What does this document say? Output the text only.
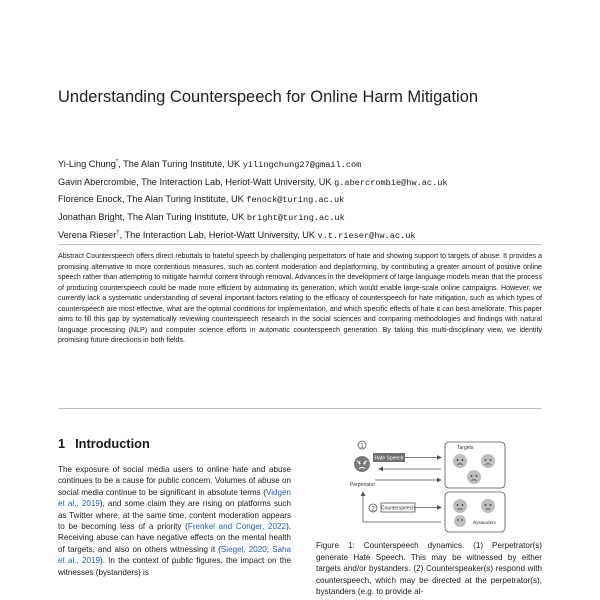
Understanding Counterspeech for Online Harm Mitigation
Yi-Ling Chung*, The Alan Turing Institute, UK yilingchung27@gmail.com
Gavin Abercrombie, The Interaction Lab, Heriot-Watt University, UK g.abercrombie@hw.ac.uk
Florence Enock, The Alan Turing Institute, UK fenock@turing.ac.uk
Jonathan Bright, The Alan Turing Institute, UK bright@turing.ac.uk
Verena Rieser†, The Interaction Lab, Heriot-Watt University, UK v.t.rieser@hw.ac.uk

Abstract Counterspeech offers direct rebuttals to hateful speech by challenging perpetrators of hate and showing support to targets of abuse. It provides a promising alternative to more contentious measures, such as content moderation and deplatforming, by contributing a greater amount of positive online speech rather than attempting to mitigate harmful content through removal. Advances in the development of large language models mean that the process of producing counterspeech could be made more efficient by automating its generation, which would enable large-scale online campaigns. However, we currently lack a systematic understanding of several important factors relating to the efficacy of counterspeech for hate mitigation, such as which types of counterspeech are most effective, what are the optimal conditions for implementation, and which specific effects of hate it can best ameliorate. This paper aims to fill this gap by systematically reviewing counterspeech research in the social sciences and comparing methodologies and findings with natural language processing (NLP) and computer science efforts in automatic counterspeech generation. By taking this multi-disciplinary view, we identify promising future directions in both fields.

1 Introduction

The exposure of social media users to online hate and abuse continues to be a cause for public concern. Volumes of abuse on social media continue to be significant in absolute terms (Vidgen et al., 2019), and some claim they are rising on platforms such as Twitter where, at the same time, content moderation appears to be becoming less of a priority (Frenkel and Conger, 2022). Receiving abuse can have negative effects on the mental health of targets, and also on others witnessing it (Siegel, 2020; Saha et al., 2019). In the context of public figures, the impact on the witnesses (bystanders) is

1
Perpetrator
Hate Speech
Targets
Bystanders
2 Counterspeech

Figure 1: Counterspeech dynamics. (1) Perpetrator(s) generate Hate Speech. This may be witnessed by either targets and/or bystanders. (2) Counterspeaker(s) respond with counterspeech, which may be directed at the perpetrator(s), bystanders (e.g. to provide al-
